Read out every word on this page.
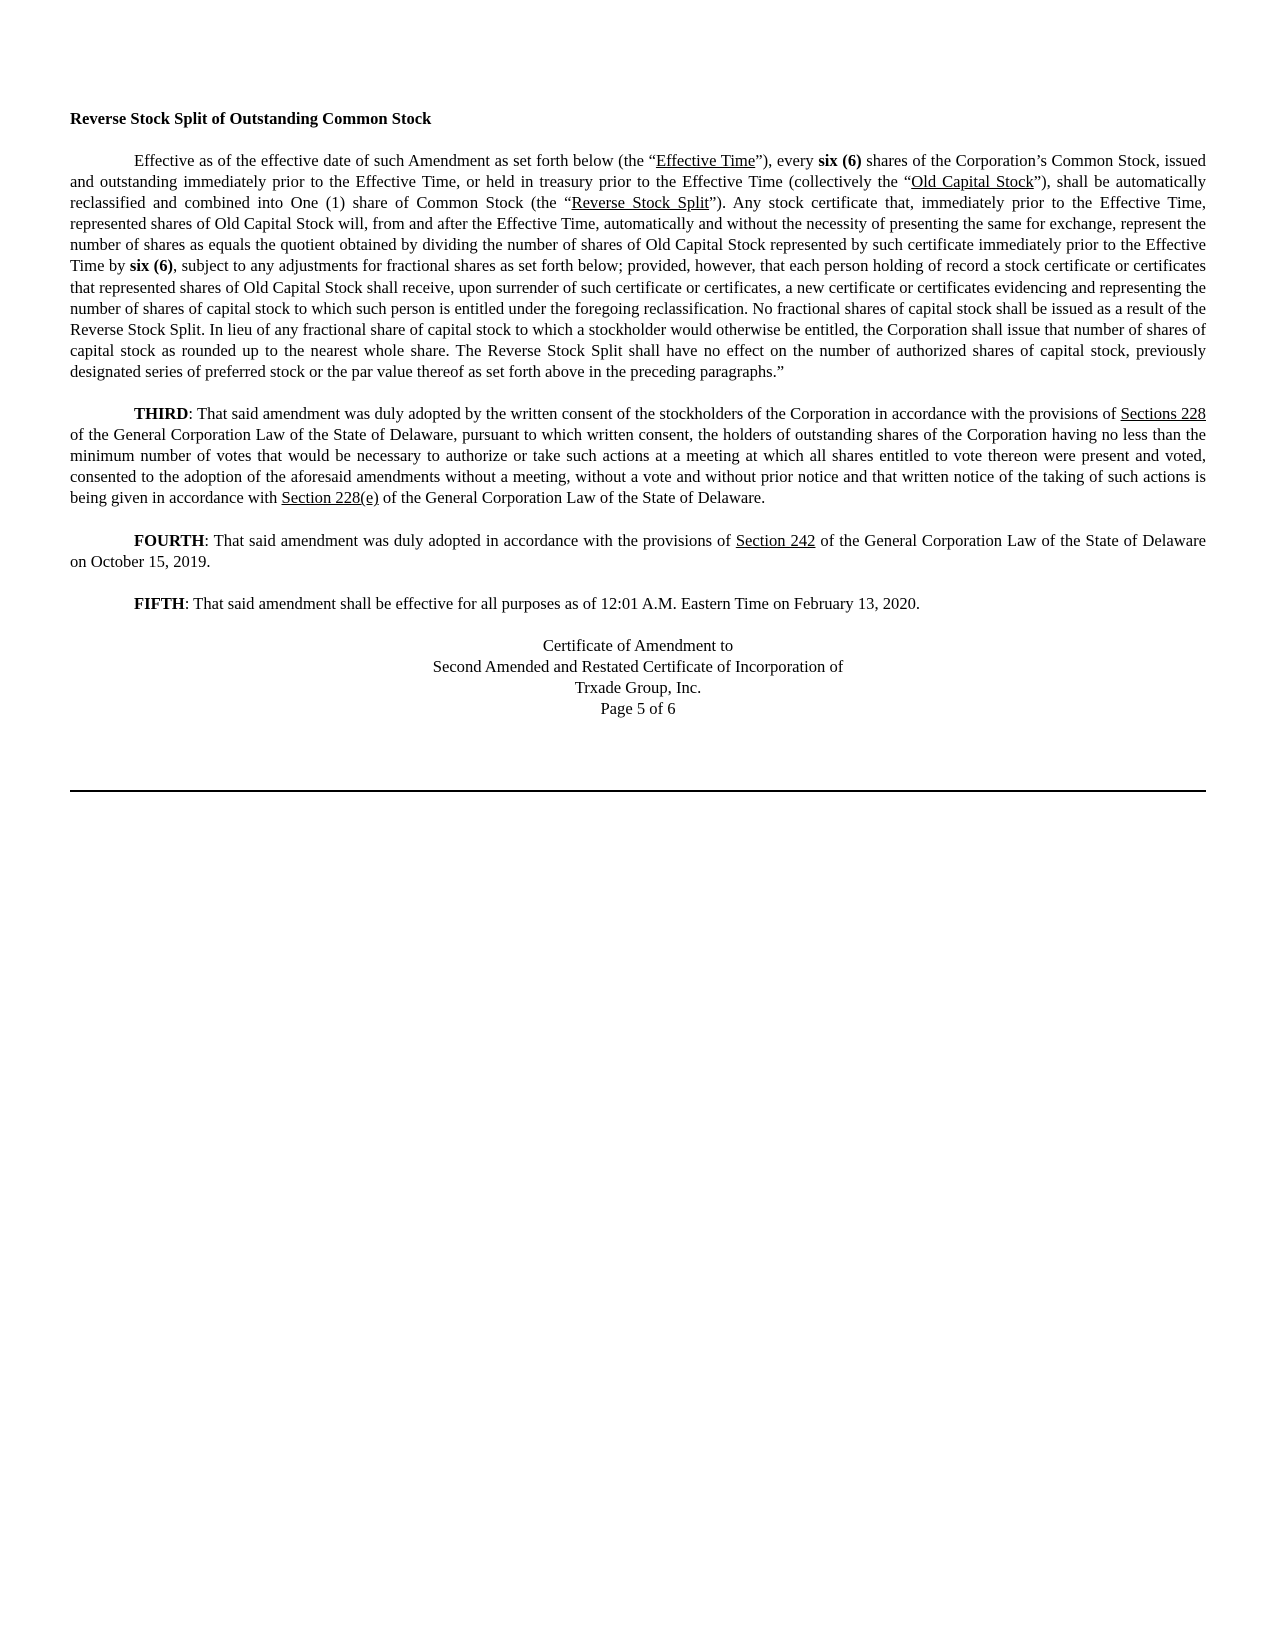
Reverse Stock Split of Outstanding Common Stock

Effective as of the effective date of such Amendment as set forth below (the “Effective Time”), every six (6) shares of the Corporation’s Common Stock, issued and outstanding immediately prior to the Effective Time, or held in treasury prior to the Effective Time (collectively the “Old Capital Stock”), shall be automatically reclassified and combined into One (1) share of Common Stock (the “Reverse Stock Split”). Any stock certificate that, immediately prior to the Effective Time, represented shares of Old Capital Stock will, from and after the Effective Time, automatically and without the necessity of presenting the same for exchange, represent the number of shares as equals the quotient obtained by dividing the number of shares of Old Capital Stock represented by such certificate immediately prior to the Effective Time by six (6), subject to any adjustments for fractional shares as set forth below; provided, however, that each person holding of record a stock certificate or certificates that represented shares of Old Capital Stock shall receive, upon surrender of such certificate or certificates, a new certificate or certificates evidencing and representing the number of shares of capital stock to which such person is entitled under the foregoing reclassification. No fractional shares of capital stock shall be issued as a result of the Reverse Stock Split. In lieu of any fractional share of capital stock to which a stockholder would otherwise be entitled, the Corporation shall issue that number of shares of capital stock as rounded up to the nearest whole share. The Reverse Stock Split shall have no effect on the number of authorized shares of capital stock, previously designated series of preferred stock or the par value thereof as set forth above in the preceding paragraphs.”

THIRD: That said amendment was duly adopted by the written consent of the stockholders of the Corporation in accordance with the provisions of Sections 228 of the General Corporation Law of the State of Delaware, pursuant to which written consent, the holders of outstanding shares of the Corporation having no less than the minimum number of votes that would be necessary to authorize or take such actions at a meeting at which all shares entitled to vote thereon were present and voted, consented to the adoption of the aforesaid amendments without a meeting, without a vote and without prior notice and that written notice of the taking of such actions is being given in accordance with Section 228(e) of the General Corporation Law of the State of Delaware.

FOURTH: That said amendment was duly adopted in accordance with the provisions of Section 242 of the General Corporation Law of the State of Delaware on October 15, 2019.

FIFTH: That said amendment shall be effective for all purposes as of 12:01 A.M. Eastern Time on February 13, 2020.

Certificate of Amendment to
Second Amended and Restated Certificate of Incorporation of
Trxade Group, Inc.
Page 5 of 6
